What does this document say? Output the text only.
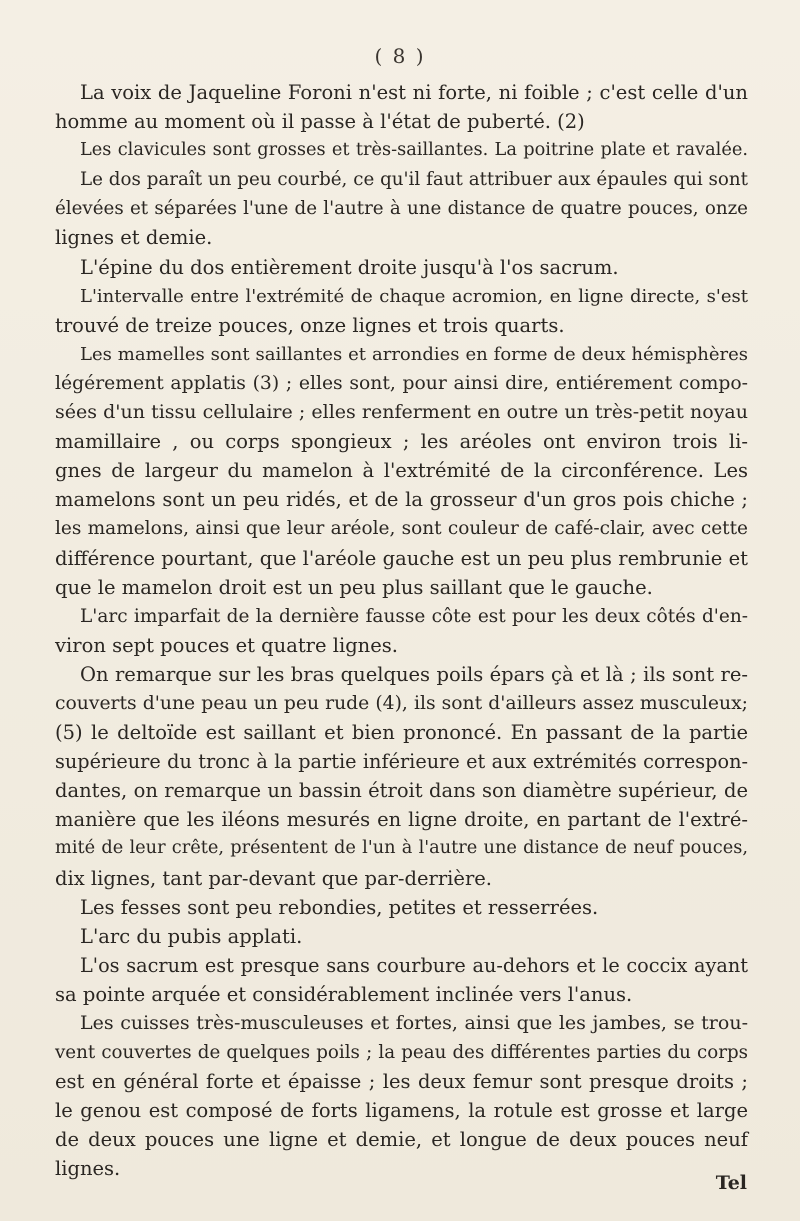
( 8 )
La voix de Jaqueline Foroni n'est ni forte, ni foible ; c'est celle d'un
homme au moment où il passe à l'état de puberté. (2)
Les clavicules sont grosses et très-saillantes. La poitrine plate et ravalée.
Le dos paraît un peu courbé, ce qu'il faut attribuer aux épaules qui sont
élevées et séparées l'une de l'autre à une distance de quatre pouces, onze
lignes et demie.
L'épine du dos entièrement droite jusqu'à l'os sacrum.
L'intervalle entre l'extrémité de chaque acromion, en ligne directe, s'est
trouvé de treize pouces, onze lignes et trois quarts.
Les mamelles sont saillantes et arrondies en forme de deux hémisphères
légérement applatis (3) ; elles sont, pour ainsi dire, entiérement compo-
sées d'un tissu cellulaire ; elles renferment en outre un très-petit noyau
mamillaire , ou corps spongieux ; les aréoles ont environ trois li-
gnes de largeur du mamelon à l'extrémité de la circonférence. Les
mamelons sont un peu ridés, et de la grosseur d'un gros pois chiche ;
les mamelons, ainsi que leur aréole, sont couleur de café-clair, avec cette
différence pourtant, que l'aréole gauche est un peu plus rembrunie et
que le mamelon droit est un peu plus saillant que le gauche.
L'arc imparfait de la dernière fausse côte est pour les deux côtés d'en-
viron sept pouces et quatre lignes.
On remarque sur les bras quelques poils épars çà et là ; ils sont re-
couverts d'une peau un peu rude (4), ils sont d'ailleurs assez musculeux;
(5) le deltoïde est saillant et bien prononcé. En passant de la partie
supérieure du tronc à la partie inférieure et aux extrémités correspon-
dantes, on remarque un bassin étroit dans son diamètre supérieur, de
manière que les iléons mesurés en ligne droite, en partant de l'extré-
mité de leur crête, présentent de l'un à l'autre une distance de neuf pouces,
dix lignes, tant par-devant que par-derrière.
Les fesses sont peu rebondies, petites et resserrées.
L'arc du pubis applati.
L'os sacrum est presque sans courbure au-dehors et le coccix ayant
sa pointe arquée et considérablement inclinée vers l'anus.
Les cuisses très-musculeuses et fortes, ainsi que les jambes, se trou-
vent couvertes de quelques poils ; la peau des différentes parties du corps
est en général forte et épaisse ; les deux femur sont presque droits ;
le genou est composé de forts ligamens, la rotule est grosse et large
de deux pouces une ligne et demie, et longue de deux pouces neuf
lignes.
Tel
